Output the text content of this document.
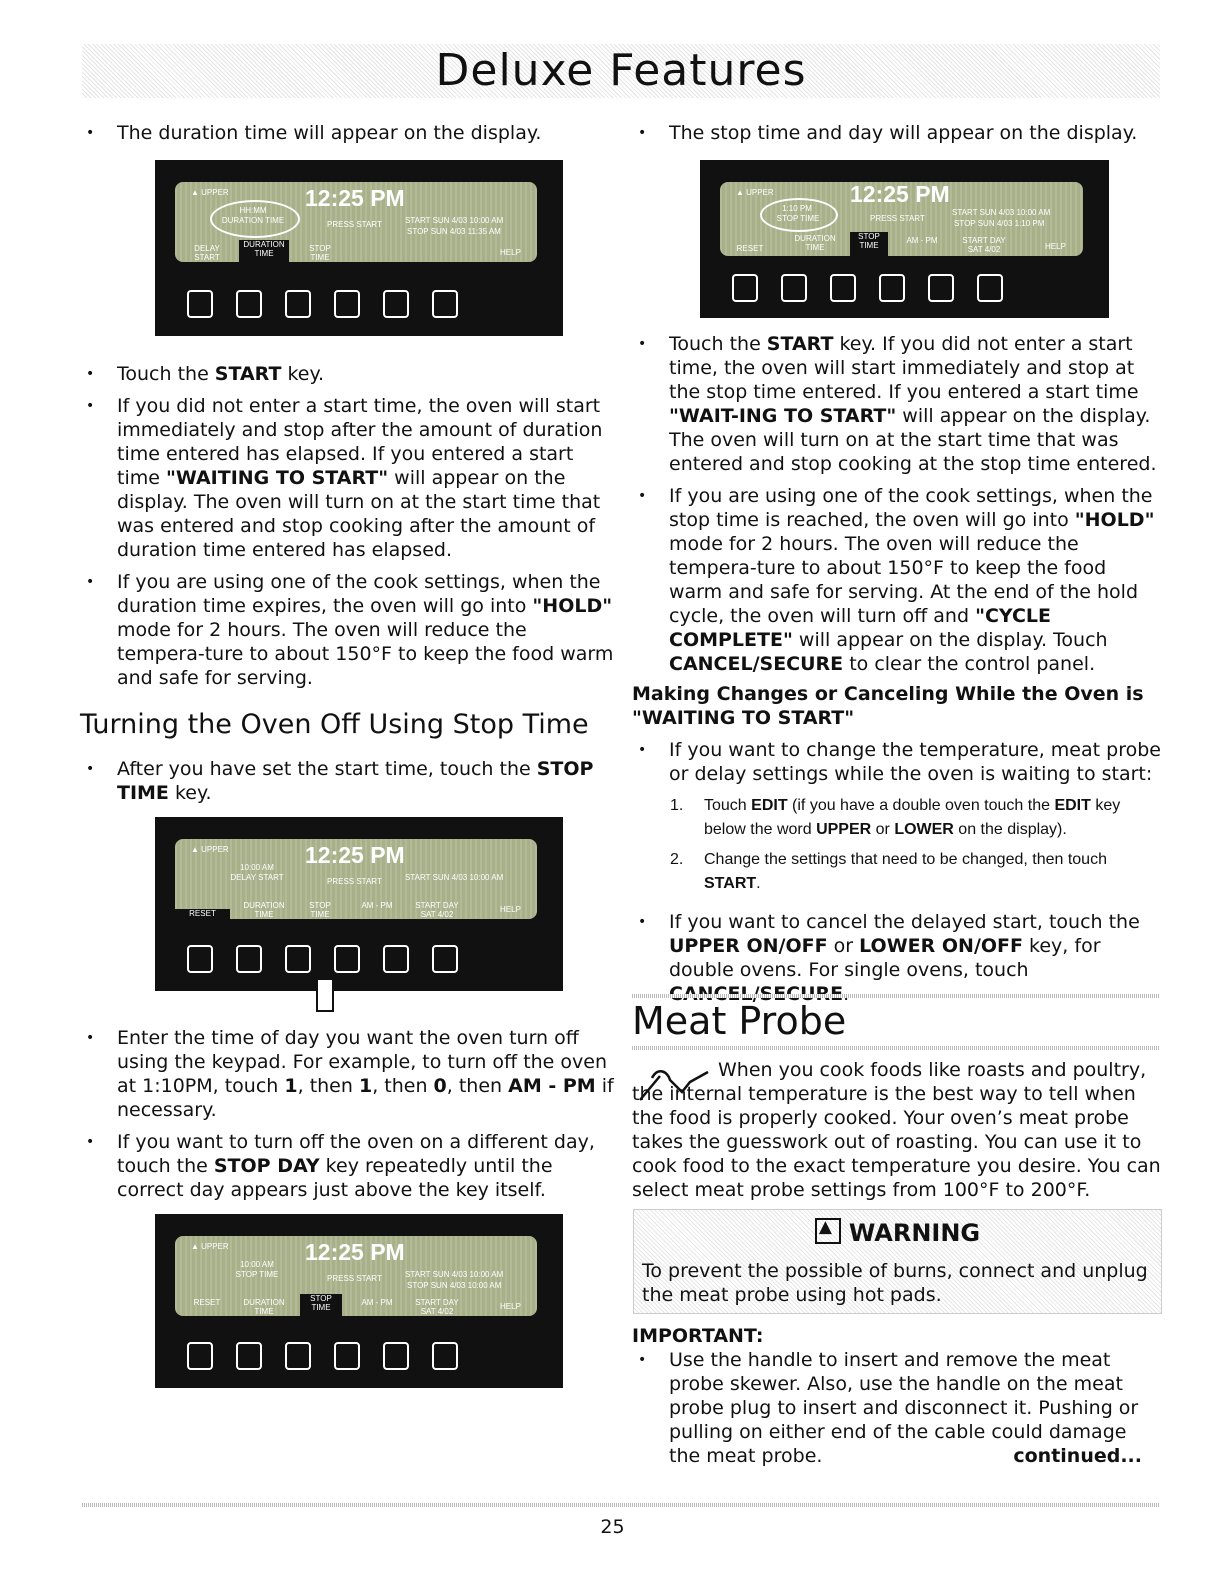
Deluxe Features
• The duration time will appear on the display.
▲ UPPER
HH:MM
DURATION TIME
12:25 PM
PRESS START	START SUN 4/03 10:00 AM
STOP SUN 4/03 11:35 AM
DELAY START
DURATION TIME
STOP TIME
HELP
• Touch the START key.
• If you did not enter a start time, the oven will start immediately and stop after the amount of duration time entered has elapsed. If you entered a start time "WAITING TO START" will appear on the display. The oven will turn on at the start time that was entered and stop cooking after the amount of duration time entered has elapsed.
• If you are using one of the cook settings, when the duration time expires, the oven will go into "HOLD" mode for 2 hours. The oven will reduce the tempera-ture to about 150°F to keep the food warm and safe for serving.
Turning the Oven Off Using Stop Time
• After you have set the start time, touch the STOP TIME key.
▲ UPPER
10:00 AM
DELAY START
12:25 PM
PRESS START	START SUN 4/03 10:00 AM
RESET
DURATION TIME
STOP TIME
AM - PM	START DAY SAT 4/02
HELP
• Enter the time of day you want the oven turn off using the keypad. For example, to turn off the oven at 1:10PM, touch 1, then 1, then 0, then AM - PM if necessary.
• If you want to turn off the oven on a different day, touch the STOP DAY key repeatedly until the correct day appears just above the key itself.
▲ UPPER
10:00 AM
STOP TIME
12:25 PM
PRESS START	START SUN 4/03 10:00 AM
STOP SUN 4/03 10:00 AM
RESET	DURATION TIME
STOP TIME
AM - PM	START DAY SAT 4/02
HELP
• The stop time and day will appear on the display.
▲ UPPER
1:10 PM
STOP TIME
12:25 PM
PRESS START
START SUN 4/03 10:00 AM
STOP SUN 4/03 1:10 PM
RESET
DURATION TIME
STOP TIME
AM - PM	START DAY SAT 4/02	HELP
• Touch the START key. If you did not enter a start time, the oven will start immediately and stop at the stop time entered. If you entered a start time "WAIT-ING TO START" will appear on the display. The oven will turn on at the start time that was entered and stop cooking at the stop time entered.
• If you are using one of the cook settings, when the stop time is reached, the oven will go into "HOLD" mode for 2 hours. The oven will reduce the tempera-ture to about 150°F to keep the food warm and safe for serving. At the end of the hold cycle, the oven will turn off and "CYCLE COMPLETE" will appear on the display. Touch CANCEL/SECURE to clear the control panel.
Making Changes or Canceling While the Oven is "WAITING TO START"
• If you want to change the temperature, meat probe or delay settings while the oven is waiting to start:
1. Touch EDIT (if you have a double oven touch the EDIT key below the word UPPER or LOWER on the display).
2. Change the settings that need to be changed, then touch START.
• If you want to cancel the delayed start, touch the UPPER ON/OFF or LOWER ON/OFF key, for double ovens. For single ovens, touch
Meat Probe
When you cook foods like roasts and poultry, the internal temperature is the best way to tell when the food is properly cooked. Your oven’s meat probe takes the guesswork out of roasting. You can use it to cook food to the exact temperature you desire. You can select meat probe settings from 100°F to 200°F.
▲WARNING
To prevent the possible of burns, connect and unplug the meat probe using hot pads.
IMPORTANT:
• Use the handle to insert and remove the meat probe skewer. Also, use the handle on the meat probe plug to insert and disconnect it. Pushing or pulling on either end of the cable could damage the meat probe.	continued...
25
